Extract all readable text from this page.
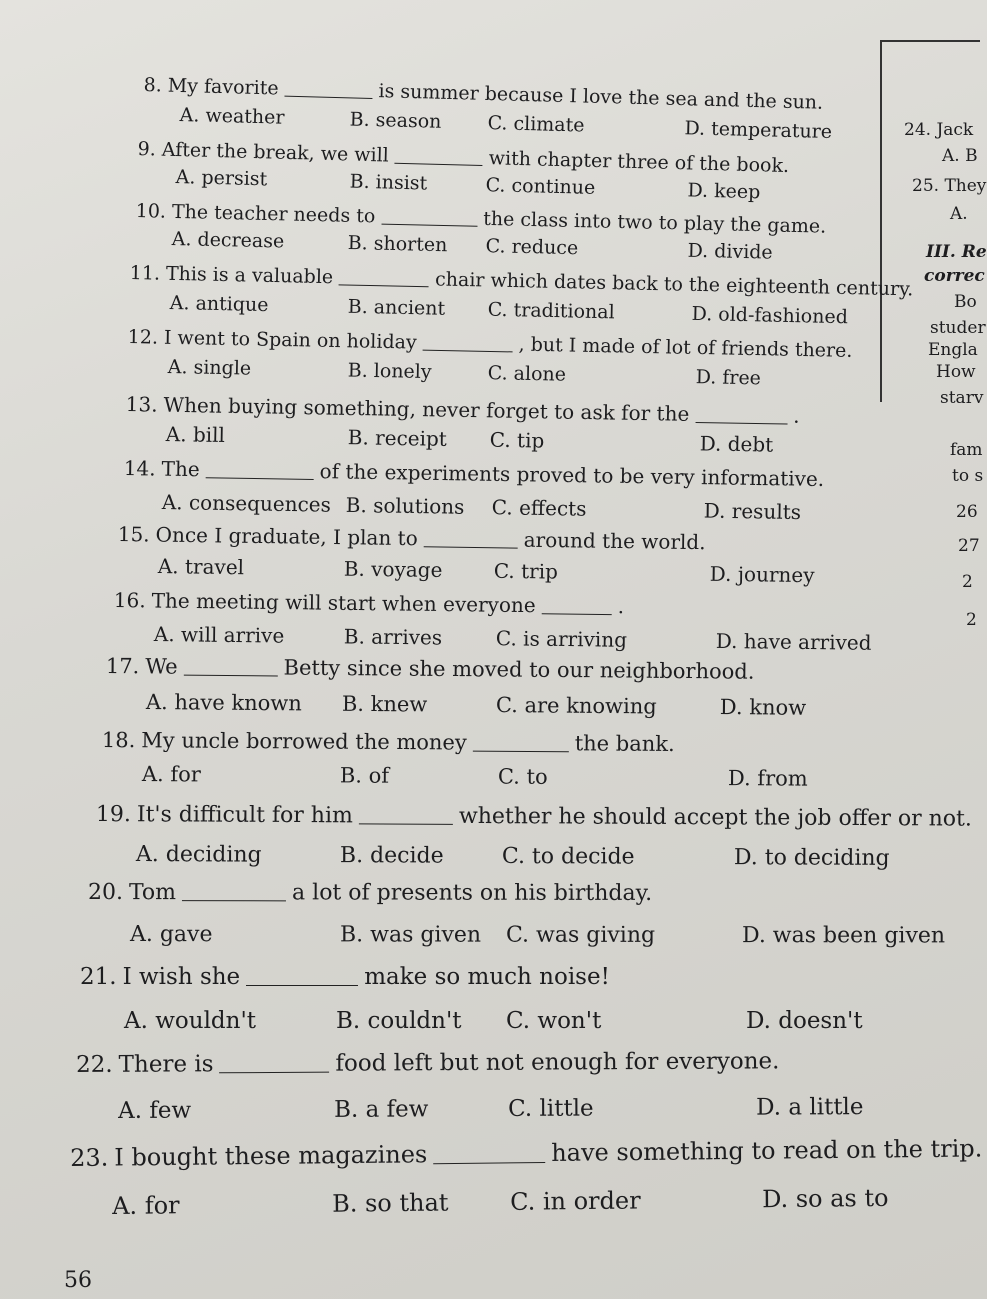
8. My favorite	is summer because I love the sea and the sun.
A. weather	B. season C. climate	D. temperature
9. After the break, we will	with chapter three of the book.
A. persist	B. insist	C. continue	D. keep
10. The teacher needs to	the class into two to play the game.
A. decrease	B. shorten C. reduce	D. divide
11. This is a valuable	chair which dates back to the eighteenth century.
A. antique	B. ancient C. traditional	D. old-fashioned
12. I went to Spain on holiday	, but I made of lot of friends there.
A. single	B. lonely	C. alone	D. free
13. When buying something, never forget to ask for the	.
A. bill	B. receipt C. tip	D. debt
14. The	of the experiments proved to be very informative.
A. consequences B. solutions C. effects	D. results
15. Once I graduate, I plan to	around the world.
A. travel	B. voyage	C. trip	D. journey
16. The meeting will start when everyone	.
A. will arrive	B. arrives	C. is arriving	D. have arrived
17. We	Betty since she moved to our neighborhood.
A. have known B. knew	C. are knowing	D. know
18. My uncle borrowed the money	the bank.
A. for	B. of	C. to	D. from
19. It's difficult for him	whether he should accept the job offer or not.
A. deciding	B. decide	C. to decide	D. to deciding
20. Tom	a lot of presents on his birthday.
A. gave	B. was given C. was giving	D. was been given
21. I wish she	make so much noise!
A. wouldn't	B. couldn't C. won't	D. doesn't
22. There is	food left but not enough for everyone.
A. few	B. a few	C. little	D. a little
23. I bought these magazines	have something to read on the trip.
A. for	B. so that	C. in order	D. so as to
24. Jack
A. B
25. They
A.
III. Re
correc
Bo
studer
Engla
How
starv
fam
to s
26
27
2
2
56
